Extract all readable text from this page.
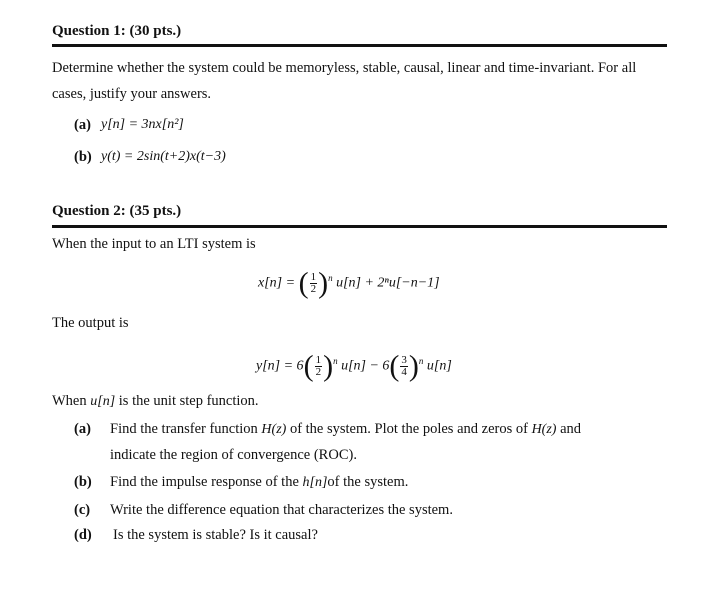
Question 1: (30 pts.)
Determine whether the system could be memoryless, stable, causal, linear and time-invariant. For all
cases, justify your answers.
(a) y[n] = 3nx[n²]
(b) y(t) = 2sin(t+2)x(t−3)
Question 2: (35 pts.)
When the input to an LTI system is
x[n] = ( $\frac{1}{2} )^n$ u[n] + 2ⁿu[−n−1]
The output is
$y[n] = 6( \frac{1}{2} )^n$ $u[n] - 6( \frac{3}{4} )^n$ u[n]
When u[n] is the unit step function.
(a) Find the transfer function H(z) of the system. Plot the poles and zeros of H(z) and
indicate the region of convergence (ROC).
(b) Find the impulse response of the h[n]of the system.
(c) Write the difference equation that characterizes the system.
(d) Is the system is stable? Is it causal?
